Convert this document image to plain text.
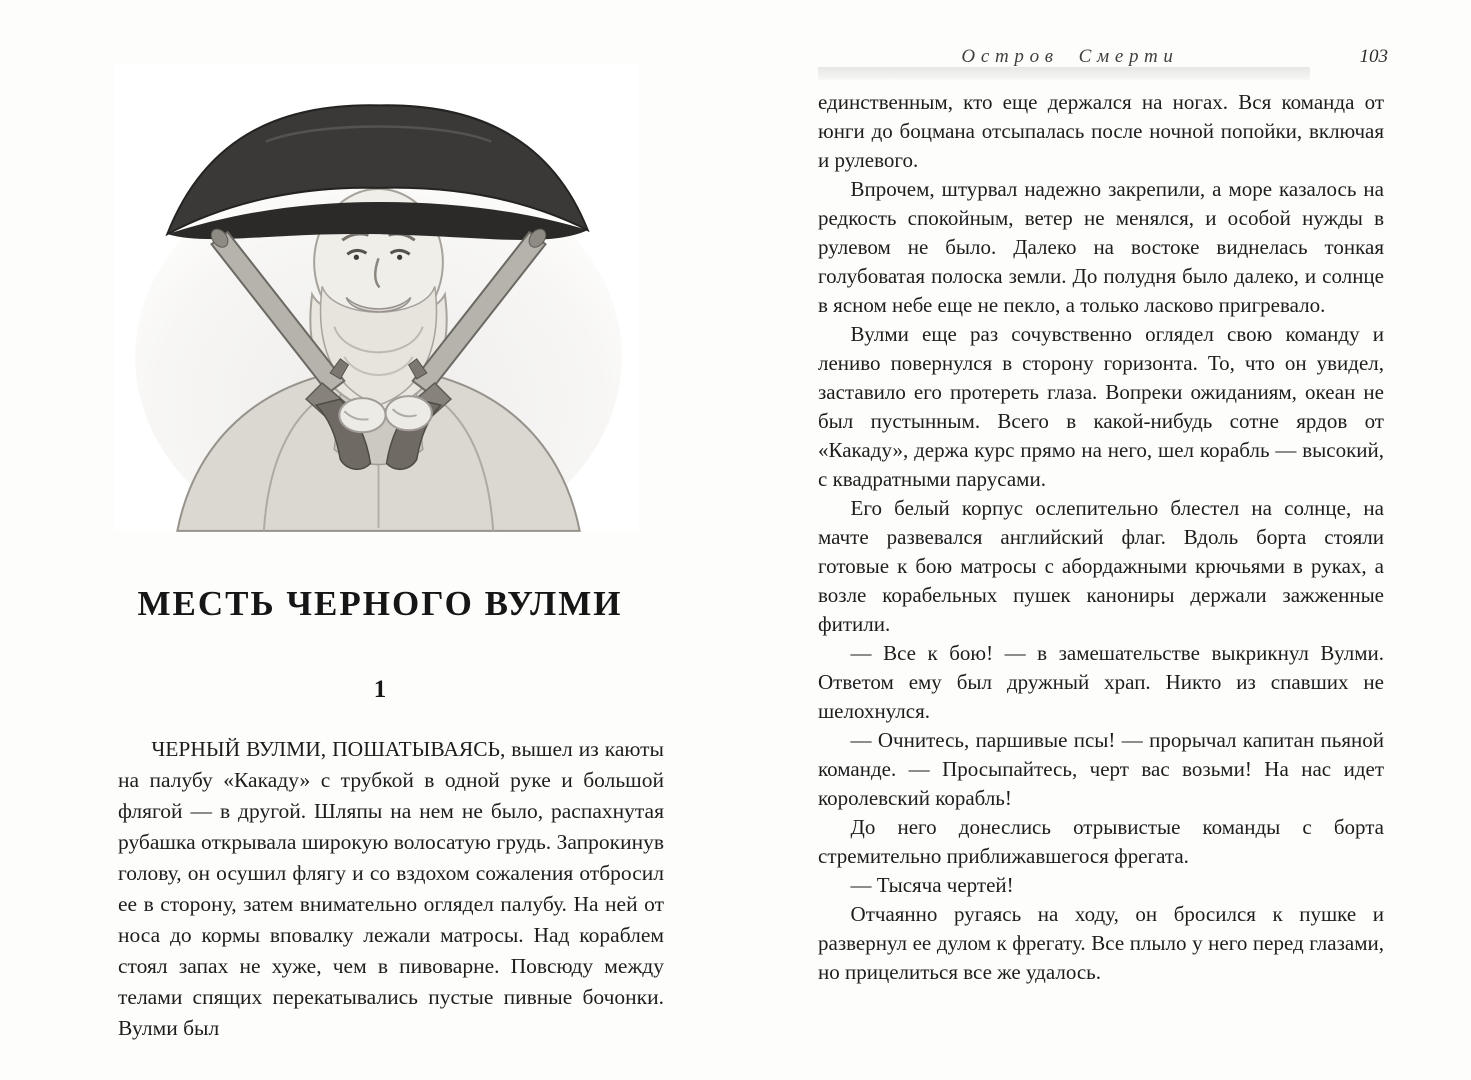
МЕСТЬ ЧЕРНОГО ВУЛМИ
1

ЧЕРНЫЙ ВУЛМИ, ПОШАТЫВАЯСЬ, вышел из каюты на палубу «Какаду» с трубкой в одной руке и большой флягой — в другой. Шляпы на нем не было, распахнутая рубашка открывала широкую волосатую грудь. Запрокинув голову, он осушил флягу и со вздохом сожаления отбросил ее в сторону, затем внимательно оглядел палубу. На ней от носа до кормы вповалку лежали матросы. Над кораблем стоял запах не хуже, чем в пивоварне. Повсюду между телами спящих перекатывались пустые пивные бочонки. Вулми был

Остров Смерти	103

единственным, кто еще держался на ногах. Вся команда от юнги до боцмана отсыпалась после ночной попойки, включая и рулевого.

Впрочем, штурвал надежно закрепили, а море казалось на редкость спокойным, ветер не менялся, и особой нужды в рулевом не было. Далеко на востоке виднелась тонкая голубоватая полоска земли. До полудня было далеко, и солнце в ясном небе еще не пекло, а только ласково пригревало.

Вулми еще раз сочувственно оглядел свою команду и лениво повернулся в сторону горизонта. То, что он увидел, заставило его протереть глаза. Вопреки ожиданиям, океан не был пустынным. Всего в какой-нибудь сотне ярдов от «Какаду», держа курс прямо на него, шел корабль — высокий, с квадратными парусами.

Его белый корпус ослепительно блестел на солнце, на мачте развевался английский флаг. Вдоль борта стояли готовые к бою матросы с абордажными крючьями в руках, а возле корабельных пушек канониры держали зажженные фитили.

— Все к бою! — в замешательстве выкрикнул Вулми. Ответом ему был дружный храп. Никто из спавших не шелохнулся.

— Очнитесь, паршивые псы! — прорычал капитан пьяной команде. — Просыпайтесь, черт вас возьми! На нас идет королевский корабль!

До него донеслись отрывистые команды с борта стремительно приближавшегося фрегата.

— Тысяча чертей!

Отчаянно ругаясь на ходу, он бросился к пушке и развернул ее дулом к фрегату. Все плыло у него перед глазами, но прицелиться все же удалось.
